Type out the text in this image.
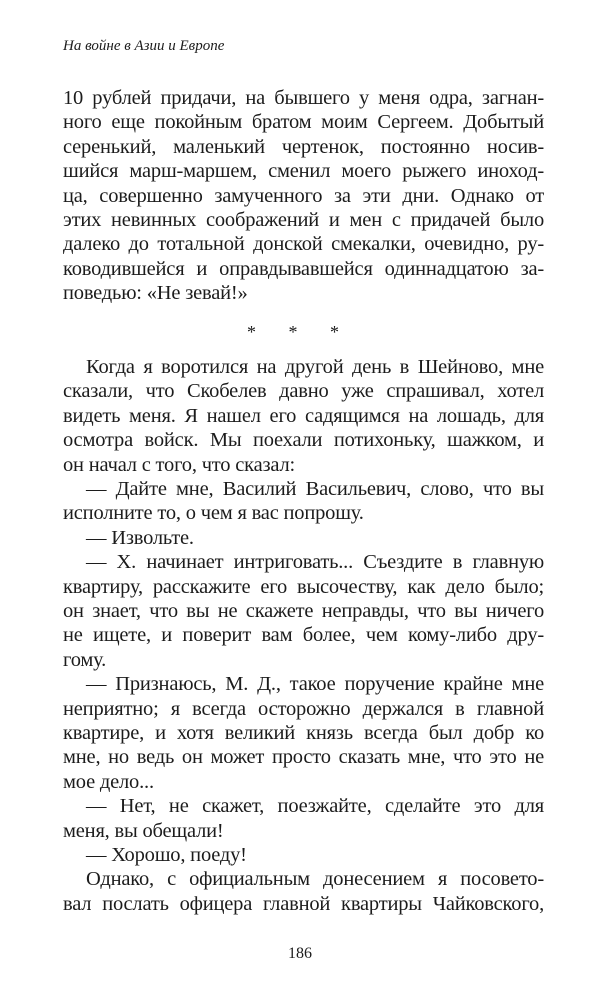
На войне в Азии и Европе
10 рублей придачи, на бывшего у меня одра, загнан-
ного еще покойным братом моим Сергеем. Добытый
серенький, маленький чертенок, постоянно носив-
шийся марш-маршем, сменил моего рыжего иноход-
ца, совершенно замученного за эти дни. Однако от
этих невинных соображений и мен с придачей было
далеко до тотальной донской смекалки, очевидно, ру-
ководившейся и оправдывавшейся одиннадцатою за-
поведью: «Не зевай!»
Когда я воротился на другой день в Шейново, мне
сказали, что Скобелев давно уже спрашивал, хотел
видеть меня. Я нашел его садящимся на лошадь, для
осмотра войск. Мы поехали потихоньку, шажком, и
он начал с того, что сказал:
— Дайте мне, Василий Васильевич, слово, что вы
исполните то, о чем я вас попрошу.
— Извольте.
— Х. начинает интриговать... Съездите в главную
квартиру, расскажите его высочеству, как дело было;
он знает, что вы не скажете неправды, что вы ничего
не ищете, и поверит вам более, чем кому-либо дру-
гому.
— Признаюсь, М. Д., такое поручение крайне мне
неприятно; я всегда осторожно держался в главной
квартире, и хотя великий князь всегда был добр ко
мне, но ведь он может просто сказать мне, что это не
мое дело...
— Нет, не скажет, поезжайте, сделайте это для
меня, вы обещали!
— Хорошо, поеду!
Однако, с официальным донесением я посовето-
вал послать офицера главной квартиры Чайковского,
* * *
186
